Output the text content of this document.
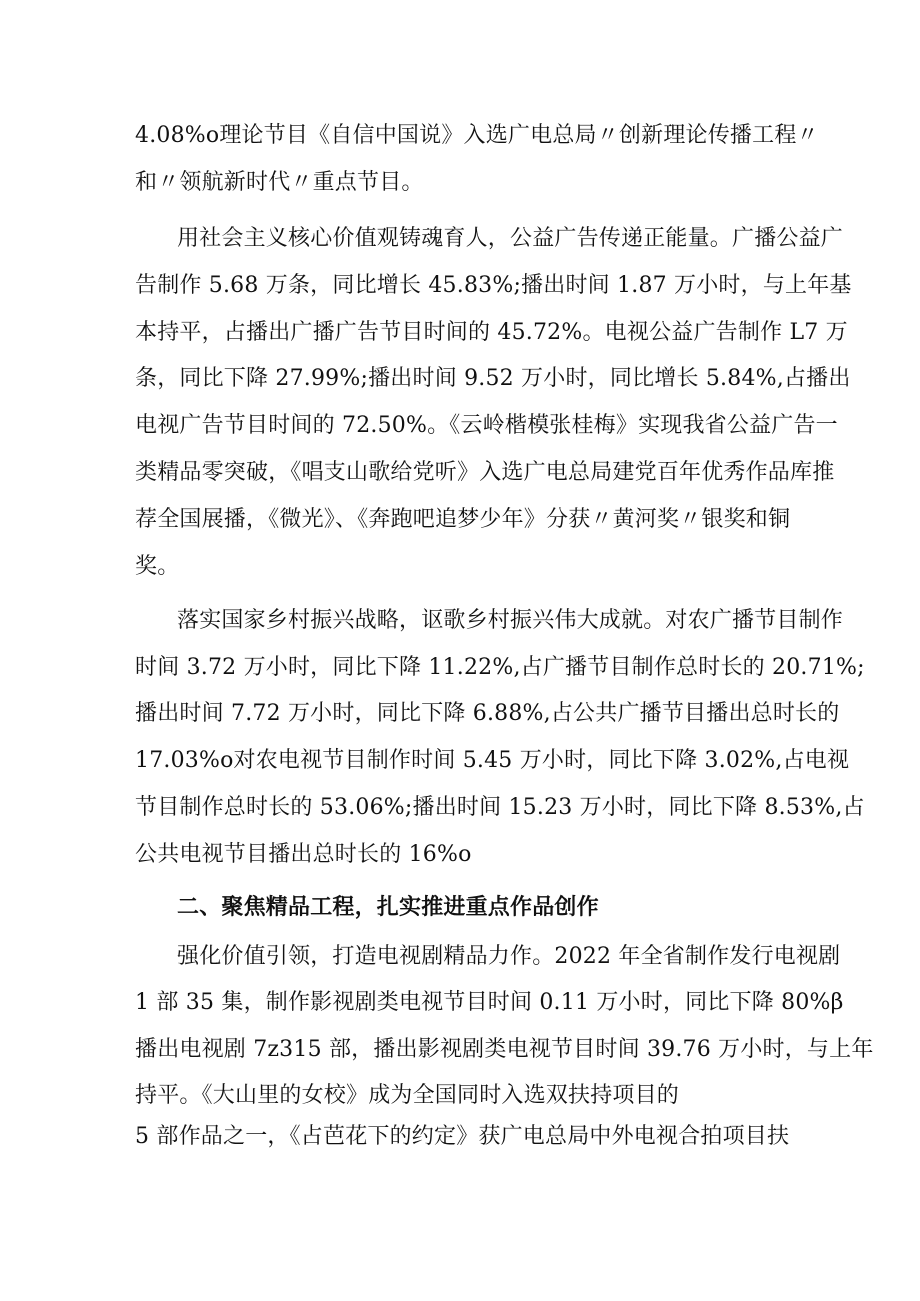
4.08%o理论节目《自信中国说》入选广电总局〃创新理论传播工程〃
和〃领航新时代〃重点节目。
用社会主义核心价值观铸魂育人，公益广告传递正能量。广播公益广
告制作 5.68 万条，同比增长 45.83%;播出时间 1.87 万小时，与上年基
本持平，占播出广播广告节目时间的 45.72%。电视公益广告制作 L7 万
条，同比下降 27.99%;播出时间 9.52 万小时，同比增长 5.84%,占播出
电视广告节目时间的 72.50%。《云岭楷模张桂梅》实现我省公益广告一
类精品零突破，《唱支山歌给党听》入选广电总局建党百年优秀作品库推
荐全国展播，《微光》、《奔跑吧追梦少年》分获〃黄河奖〃银奖和铜
奖。
落实国家乡村振兴战略，讴歌乡村振兴伟大成就。对农广播节目制作
时间 3.72 万小时，同比下降 11.22%,占广播节目制作总时长的 20.71%;
播出时间 7.72 万小时，同比下降 6.88%,占公共广播节目播出总时长的
17.03%o对农电视节目制作时间 5.45 万小时，同比下降 3.02%,占电视
节目制作总时长的 53.06%;播出时间 15.23 万小时，同比下降 8.53%,占
公共电视节目播出总时长的 16%o
二、聚焦精品工程，扎实推进重点作品创作
强化价值引领，打造电视剧精品力作。2022 年全省制作发行电视剧
1 部 35 集，制作影视剧类电视节目时间 0.11 万小时，同比下降 80%β
播出电视剧 7z315 部，播出影视剧类电视节目时间 39.76 万小时，与上年
持平。《大山里的女校》成为全国同时入选双扶持项目的
5 部作品之一，《占芭花下的约定》获广电总局中外电视合拍项目扶
